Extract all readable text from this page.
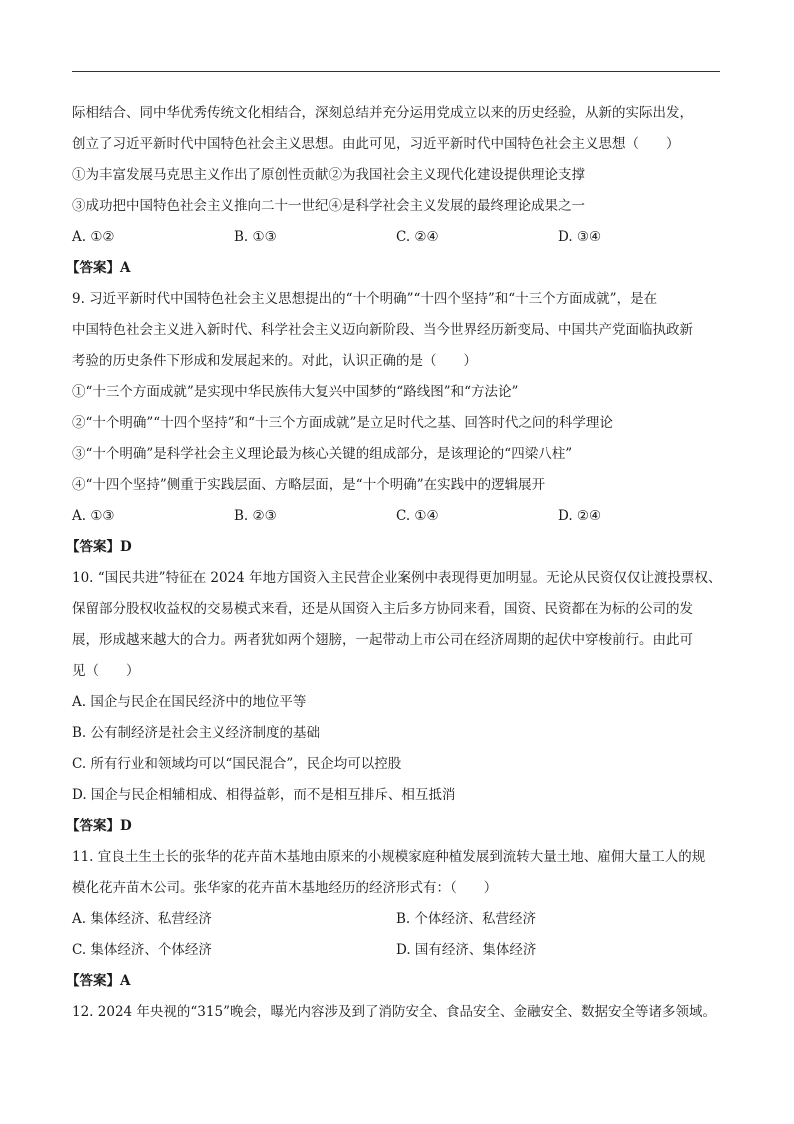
际相结合、同中华优秀传统文化相结合，深刻总结并充分运用党成立以来的历史经验，从新的实际出发，
创立了习近平新时代中国特色社会主义思想。由此可见，习近平新时代中国特色社会主义思想（　　）
①为丰富发展马克思主义作出了原创性贡献②为我国社会主义现代化建设提供理论支撑
③成功把中国特色社会主义推向二十一世纪④是科学社会主义发展的最终理论成果之一
A. ①②	B. ①③	C. ②④	D. ③④
【答案】A
9. 习近平新时代中国特色社会主义思想提出的“十个明确”“十四个坚持”和“十三个方面成就”，是在
中国特色社会主义进入新时代、科学社会主义迈向新阶段、当今世界经历新变局、中国共产党面临执政新
考验的历史条件下形成和发展起来的。对此，认识正确的是（　　）
①“十三个方面成就”是实现中华民族伟大复兴中国梦的“路线图”和“方法论”
②“十个明确”“十四个坚持”和“十三个方面成就”是立足时代之基、回答时代之问的科学理论
③“十个明确”是科学社会主义理论最为核心关键的组成部分，是该理论的“四梁八柱”
④“十四个坚持”侧重于实践层面、方略层面，是“十个明确”在实践中的逻辑展开
A. ①③	B. ②③	C. ①④	D. ②④
【答案】D
10. “国民共进”特征在 2024 年地方国资入主民营企业案例中表现得更加明显。无论从民资仅仅让渡投票权、
保留部分股权收益权的交易模式来看，还是从国资入主后多方协同来看，国资、民资都在为标的公司的发
展，形成越来越大的合力。两者犹如两个翅膀，一起带动上市公司在经济周期的起伏中穿梭前行。由此可
见（　　）
A. 国企与民企在国民经济中的地位平等
B. 公有制经济是社会主义经济制度的基础
C. 所有行业和领域均可以“国民混合”，民企均可以控股
D. 国企与民企相辅相成、相得益彰，而不是相互排斥、相互抵消
【答案】D
11. 宜良土生土长的张华的花卉苗木基地由原来的小规模家庭种植发展到流转大量土地、雇佣大量工人的规
模化花卉苗木公司。张华家的花卉苗木基地经历的经济形式有：（　　）
A. 集体经济、私营经济	B. 个体经济、私营经济
C. 集体经济、个体经济	D. 国有经济、集体经济
【答案】A
12. 2024 年央视的“315”晚会，曝光内容涉及到了消防安全、食品安全、金融安全、数据安全等诸多领域。
